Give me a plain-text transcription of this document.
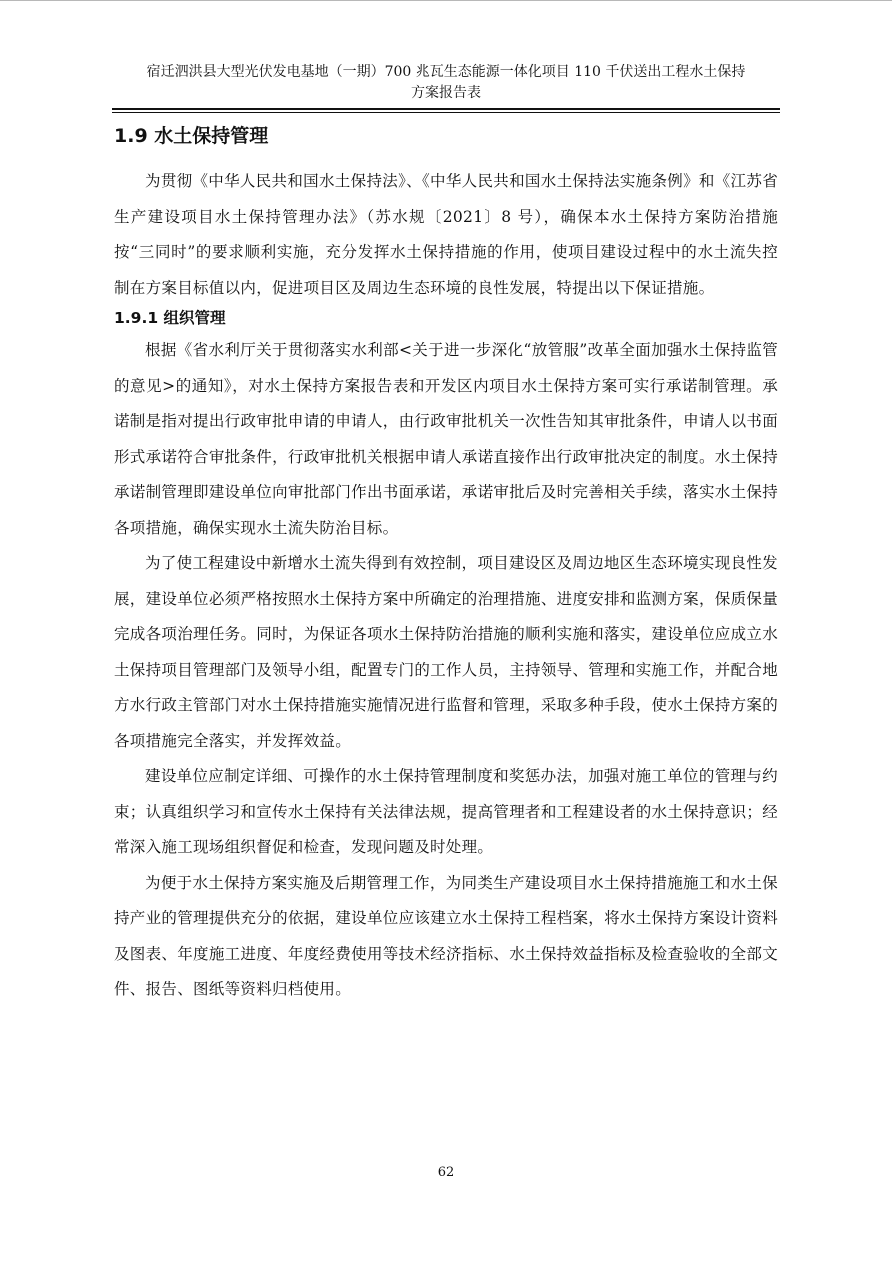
宿迁泗洪县大型光伏发电基地（一期）700 兆瓦生态能源一体化项目 110 千伏送出工程水土保持
方案报告表
1.9 水土保持管理

为贯彻《中华人民共和国水土保持法》、《中华人民共和国水土保持法实施条例》和《江苏省生产建设项目水土保持管理办法》（苏水规〔2021〕8 号），确保本水土保持方案防治措施按“三同时”的要求顺利实施，充分发挥水土保持措施的作用，使项目建设过程中的水土流失控制在方案目标值以内，促进项目区及周边生态环境的良性发展，特提出以下保证措施。

1.9.1 组织管理

根据《省水利厅关于贯彻落实水利部<关于进一步深化“放管服”改革全面加强水土保持监管的意见>的通知》，对水土保持方案报告表和开发区内项目水土保持方案可实行承诺制管理。承诺制是指对提出行政审批申请的申请人，由行政审批机关一次性告知其审批条件，申请人以书面形式承诺符合审批条件，行政审批机关根据申请人承诺直接作出行政审批决定的制度。水土保持承诺制管理即建设单位向审批部门作出书面承诺，承诺审批后及时完善相关手续，落实水土保持各项措施，确保实现水土流失防治目标。

为了使工程建设中新增水土流失得到有效控制，项目建设区及周边地区生态环境实现良性发展，建设单位必须严格按照水土保持方案中所确定的治理措施、进度安排和监测方案，保质保量完成各项治理任务。同时，为保证各项水土保持防治措施的顺利实施和落实，建设单位应成立水土保持项目管理部门及领导小组，配置专门的工作人员，主持领导、管理和实施工作，并配合地方水行政主管部门对水土保持措施实施情况进行监督和管理，采取多种手段，使水土保持方案的各项措施完全落实，并发挥效益。

建设单位应制定详细、可操作的水土保持管理制度和奖惩办法，加强对施工单位的管理与约束；认真组织学习和宣传水土保持有关法律法规，提高管理者和工程建设者的水土保持意识；经常深入施工现场组织督促和检查，发现问题及时处理。

为便于水土保持方案实施及后期管理工作，为同类生产建设项目水土保持措施施工和水土保持产业的管理提供充分的依据，建设单位应该建立水土保持工程档案，将水土保持方案设计资料及图表、年度施工进度、年度经费使用等技术经济指标、水土保持效益指标及检查验收的全部文件、报告、图纸等资料归档使用。

62
